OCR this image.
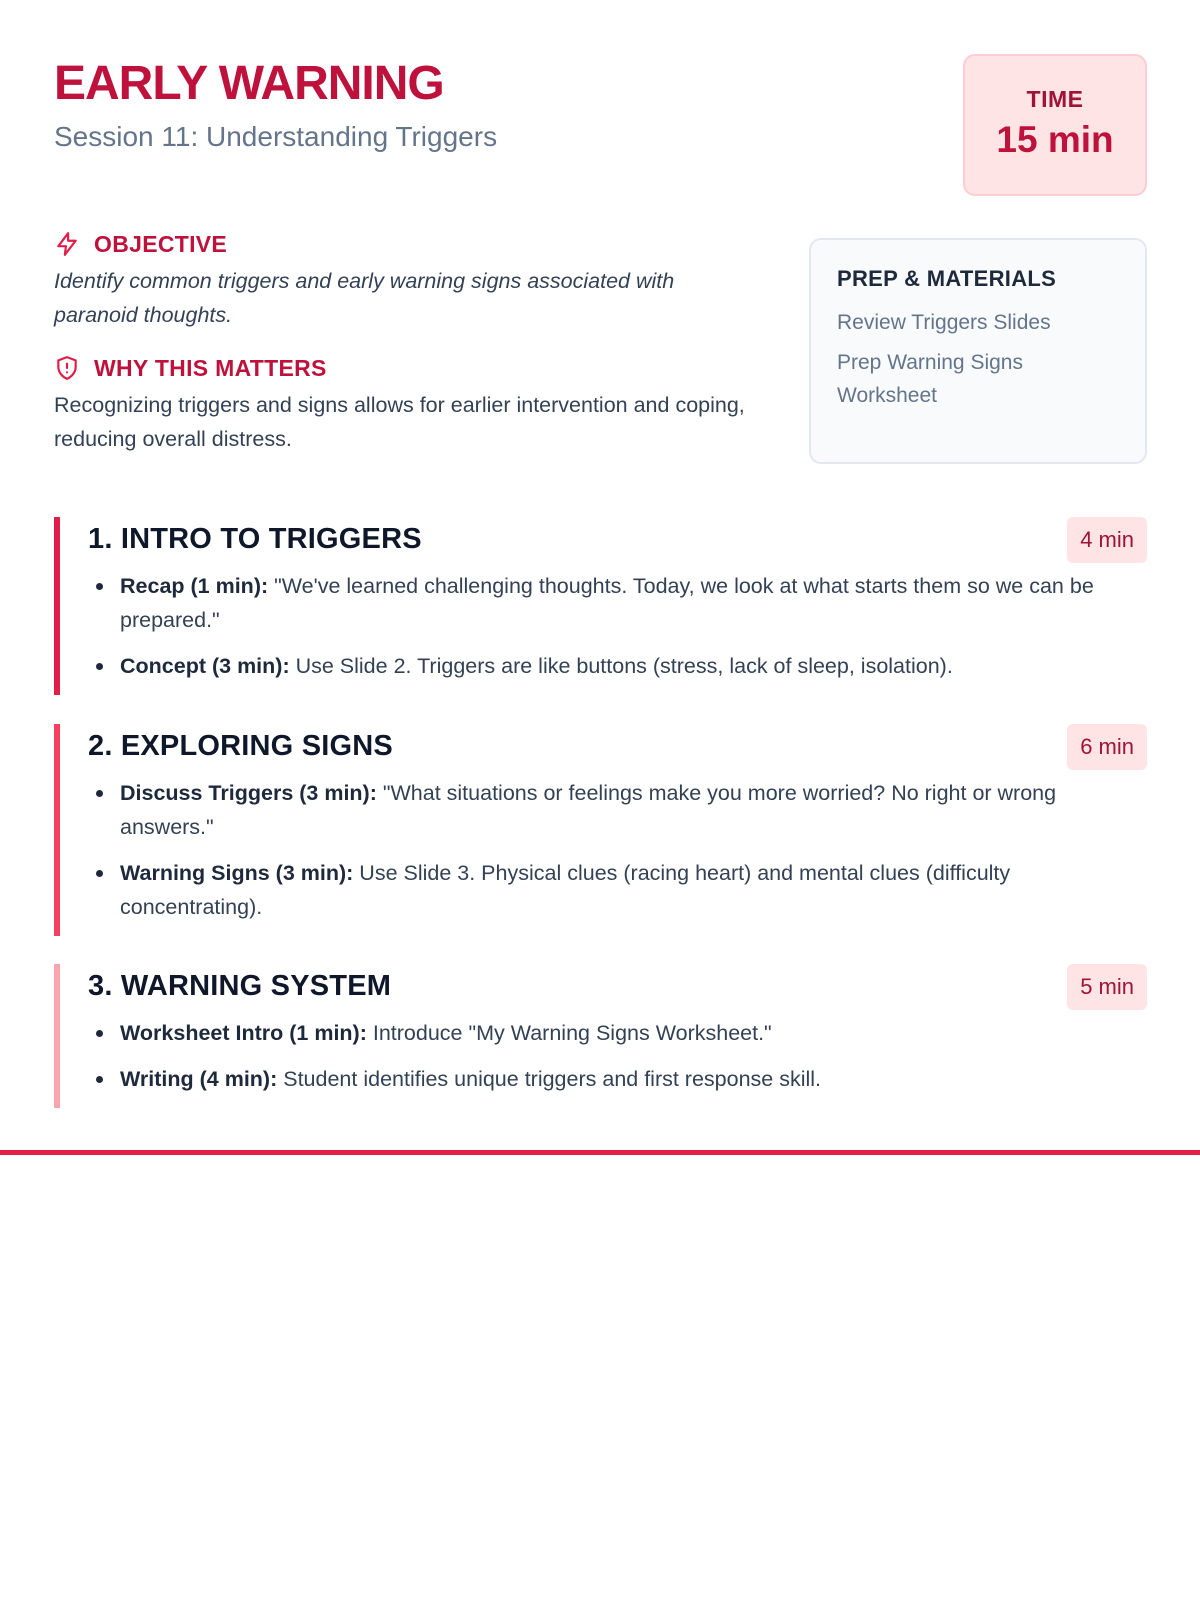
EARLY WARNING
Session 11: Understanding Triggers
TIME
15 min
OBJECTIVE

Identify common triggers and early warning signs associated with paranoid thoughts.

WHY THIS MATTERS

Recognizing triggers and signs allows for earlier intervention and coping, reducing overall distress.

PREP & MATERIALS
Review Triggers Slides
Prep Warning Signs Worksheet
1. INTRO TO TRIGGERS	4 min
Recap (1 min): "We've learned challenging thoughts. Today, we look at what starts them so we can be prepared."
Concept (3 min): Use Slide 2. Triggers are like buttons (stress, lack of sleep, isolation).
2. EXPLORING SIGNS	6 min
Discuss Triggers (3 min): "What situations or feelings make you more worried? No right or wrong answers."
Warning Signs (3 min): Use Slide 3. Physical clues (racing heart) and mental clues (difficulty concentrating).
3. WARNING SYSTEM	5 min
Worksheet Intro (1 min): Introduce "My Warning Signs Worksheet."
Writing (4 min): Student identifies unique triggers and first response skill.
